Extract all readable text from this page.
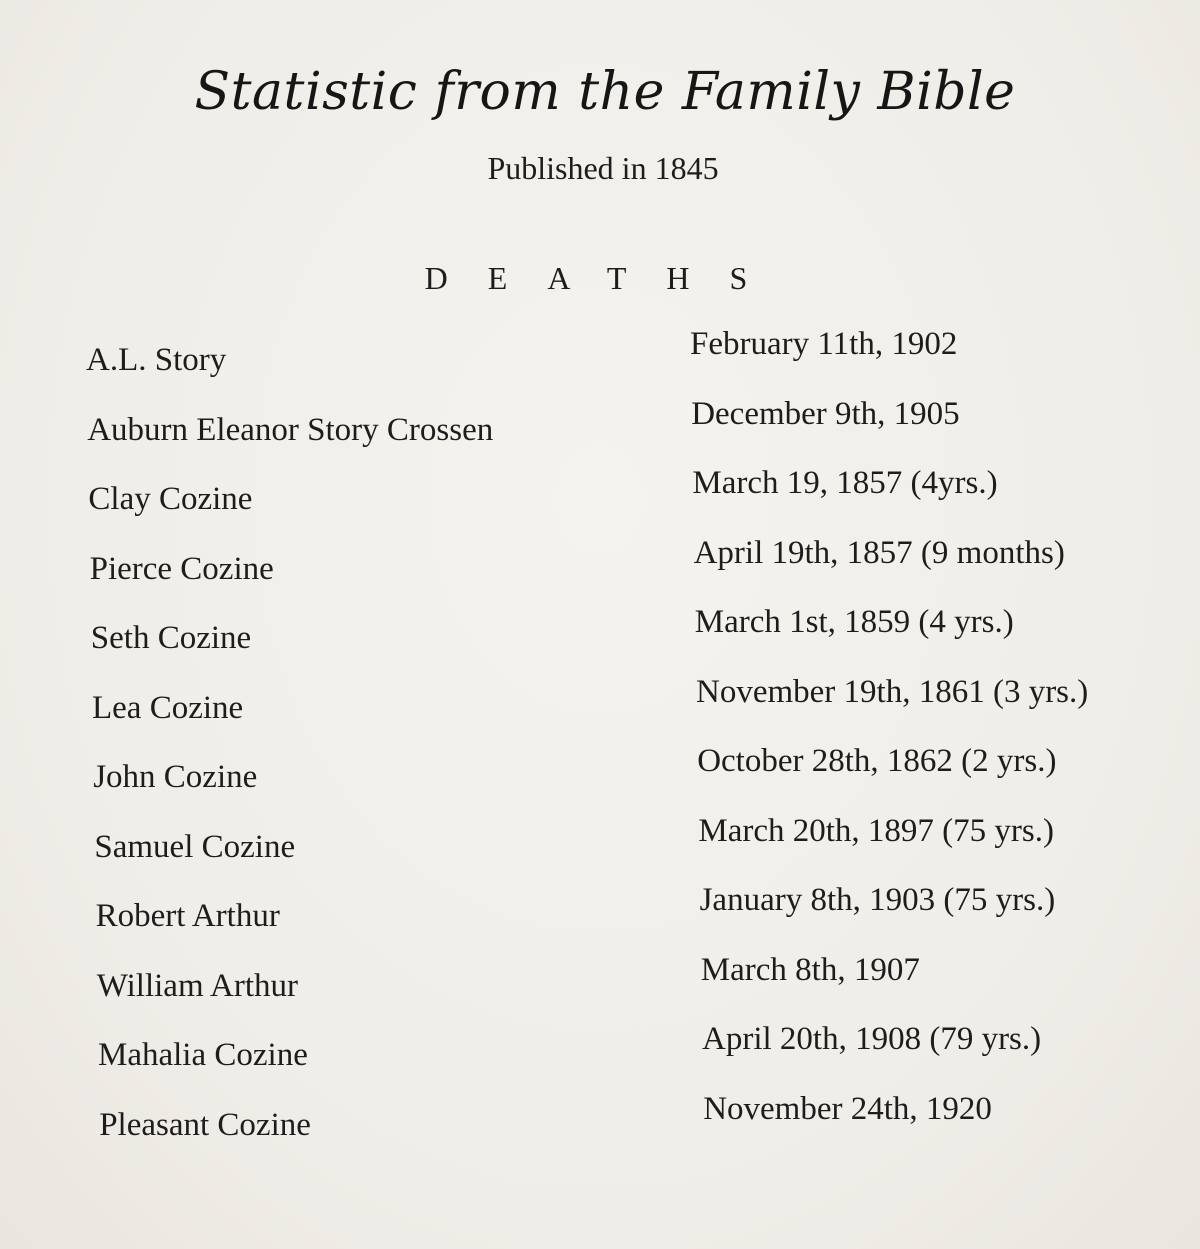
Statistic from the Family Bible
Published in 1845
DEATHS
A.L. Story	February 11th, 1902
Auburn Eleanor Story Crossen	December 9th, 1905
Clay Cozine	March 19, 1857 (4yrs.)
Pierce Cozine	April 19th, 1857 (9 months)
Seth Cozine	March 1st, 1859 (4 yrs.)
Lea Cozine	November 19th, 1861 (3 yrs.)
John Cozine	October 28th, 1862 (2 yrs.)
Samuel Cozine	March 20th, 1897 (75 yrs.)
Robert Arthur	January 8th, 1903 (75 yrs.)
William Arthur	March 8th, 1907
Mahalia Cozine	April 20th, 1908 (79 yrs.)
Pleasant Cozine	November 24th, 1920
